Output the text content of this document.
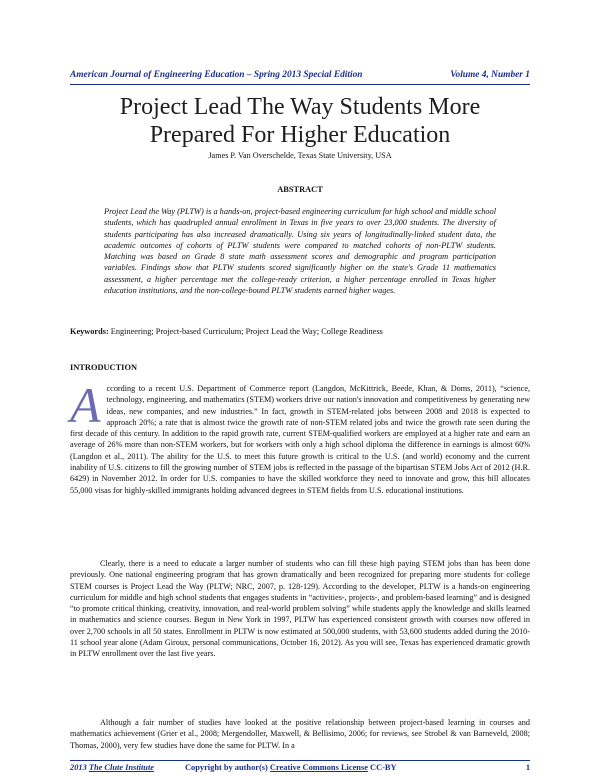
American Journal of Engineering Education – Spring 2013 Special Edition	Volume 4, Number 1
Project Lead The Way Students More
Prepared For Higher Education
James P. Van Overschelde, Texas State University, USA
ABSTRACT
Project Lead the Way (PLTW) is a hands-on, project-based engineering curriculum for high school and middle school students, which has quadrupled annual enrollment in Texas in five years to over 23,000 students. The diversity of students participating has also increased dramatically. Using six years of longitudinally-linked student data, the academic outcomes of cohorts of PLTW students were compared to matched cohorts of non-PLTW students. Matching was based on Grade 8 state math assessment scores and demographic and program participation variables. Findings show that PLTW students scored significantly higher on the state's Grade 11 mathematics assessment, a higher percentage met the college-ready criterion, a higher percentage enrolled in Texas higher education institutions, and the non-college-bound PLTW students earned higher wages.
Keywords: Engineering; Project-based Curriculum; Project Lead the Way; College Readiness
INTRODUCTION
A ccording to a recent U.S. Department of Commerce report (Langdon, McKittrick, Beede, Khan, & Doms, 2011), “science, technology, engineering, and mathematics (STEM) workers drive our nation's innovation and competitiveness by generating new ideas, new companies, and new industries.” In fact, growth in STEM-related jobs between 2008 and 2018 is expected to approach 20%; a rate that is almost twice the growth rate of non-STEM related jobs and twice the growth rate seen during the first decade of this century. In addition to the rapid growth rate, current STEM-qualified workers are employed at a higher rate and earn an average of 26% more than non-STEM workers, but for workers with only a high school diploma the difference in earnings is almost 60% (Langdon et al., 2011). The ability for the U.S. to meet this future growth is critical to the U.S. (and world) economy and the current inability of U.S. citizens to fill the growing number of STEM jobs is reflected in the passage of the bipartisan STEM Jobs Act of 2012 (H.R. 6429) in November 2012. In order for U.S. companies to have the skilled workforce they need to innovate and grow, this bill allocates 55,000 visas for highly-skilled immigrants holding advanced degrees in STEM fields from U.S. educational institutions.
Clearly, there is a need to educate a larger number of students who can fill these high paying STEM jobs than has been done previously. One national engineering program that has grown dramatically and been recognized for preparing more students for college STEM courses is Project Lead the Way (PLTW; NRC, 2007, p. 128-129). According to the developer, PLTW is a hands-on engineering curriculum for middle and high school students that engages students in “activities-, projects-, and problem-based learning” and is designed “to promote critical thinking, creativity, innovation, and real-world problem solving” while students apply the knowledge and skills learned in mathematics and science courses. Begun in New York in 1997, PLTW has experienced consistent growth with courses now offered in over 2,700 schools in all 50 states. Enrollment in PLTW is now estimated at 500,000 students, with 53,600 students added during the 2010-11 school year alone (Adam Giroux, personal communications, October 16, 2012). As you will see, Texas has experienced dramatic growth in PLTW enrollment over the last five years.
Although a fair number of studies have looked at the positive relationship between project-based learning in courses and mathematics achievement (Grier et al., 2008; Mergendoller, Maxwell, & Bellisimo, 2006; for reviews, see Strobel & van Barneveld, 2008; Thomas, 2000), very few studies have done the same for PLTW. In a
2013 The Clute Institute	Copyright by author(s) Creative Commons License CC-BY	1
